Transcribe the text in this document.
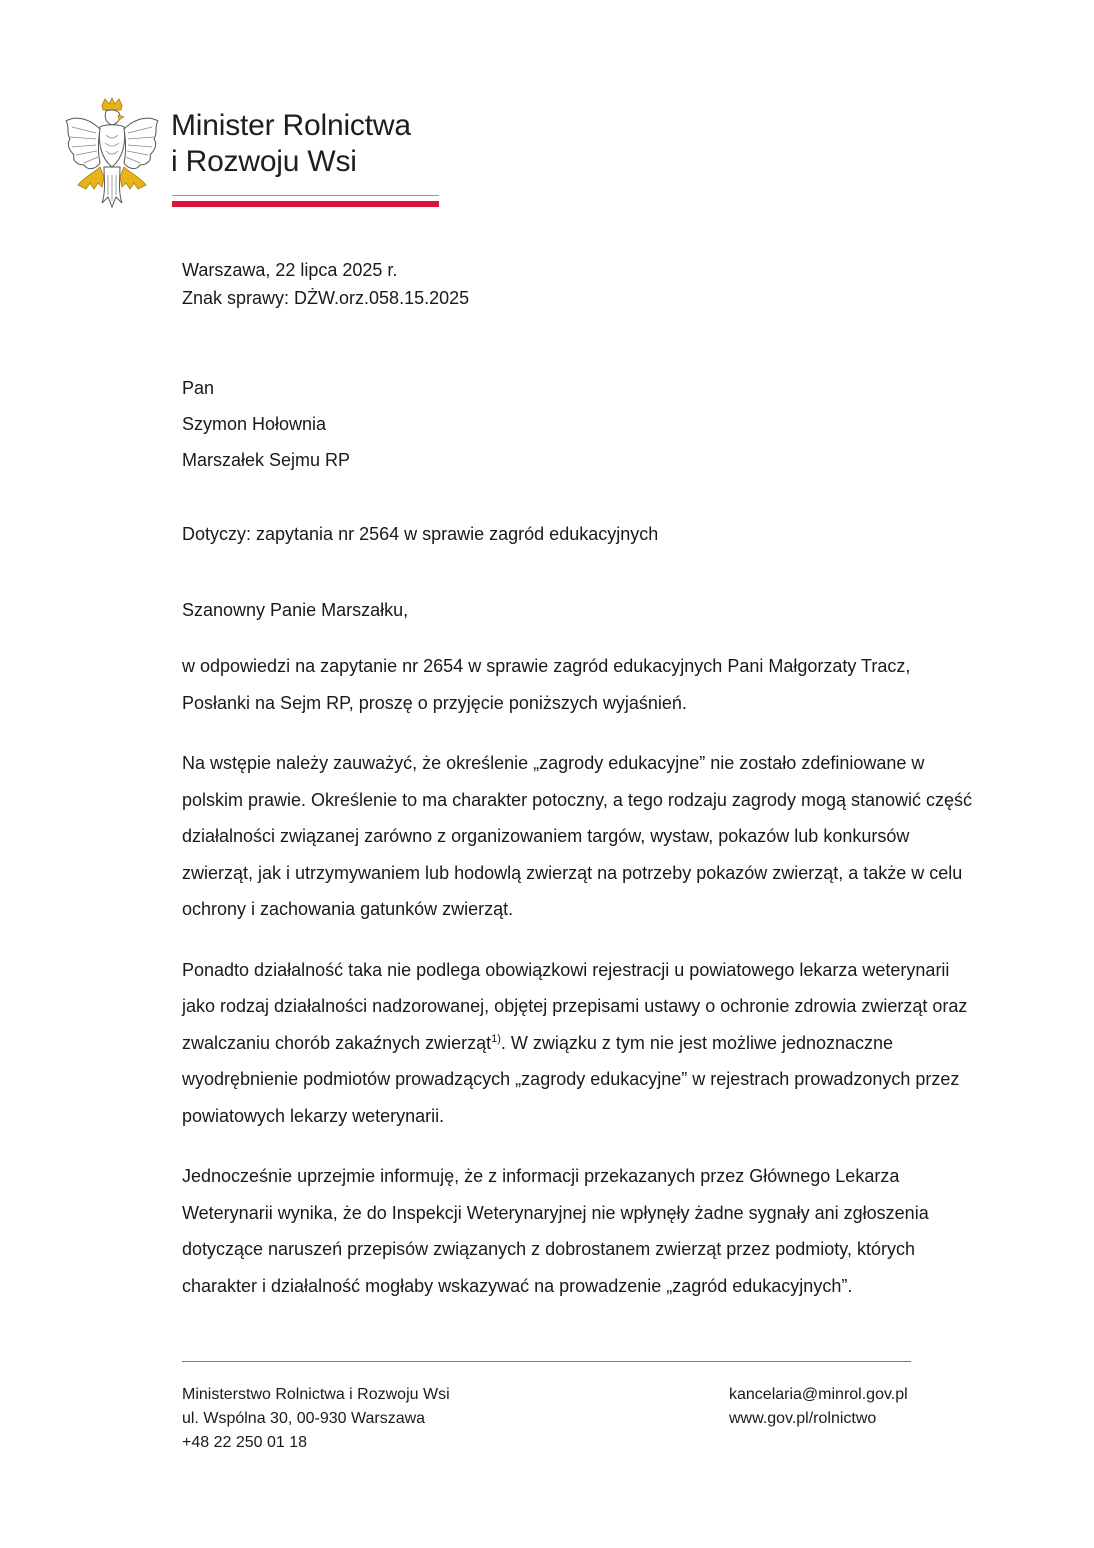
Minister Rolnictwa
i Rozwoju Wsi
Warszawa, 22 lipca 2025 r.
Znak sprawy: DŻW.orz.058.15.2025
Pan
Szymon Hołownia
Marszałek Sejmu RP
Dotyczy: zapytania nr 2564 w sprawie zagród edukacyjnych
Szanowny Panie Marszałku,

w odpowiedzi na zapytanie nr 2654 w sprawie zagród edukacyjnych Pani Małgorzaty Tracz, Posłanki na Sejm RP, proszę o przyjęcie poniższych wyjaśnień.

Na wstępie należy zauważyć, że określenie „zagrody edukacyjne” nie zostało zdefiniowane w polskim prawie. Określenie to ma charakter potoczny, a tego rodzaju zagrody mogą stanowić część działalności związanej zarówno z organizowaniem targów, wystaw, pokazów lub konkursów zwierząt, jak i utrzymywaniem lub hodowlą zwierząt na potrzeby pokazów zwierząt, a także w celu ochrony i zachowania gatunków zwierząt.

Ponadto działalność taka nie podlega obowiązkowi rejestracji u powiatowego lekarza weterynarii jako rodzaj działalności nadzorowanej, objętej przepisami ustawy o ochronie zdrowia zwierząt oraz zwalczaniu chorób zakaźnych zwierząt$^{1)}$. W związku z tym nie jest możliwe jednoznaczne wyodrębnienie podmiotów prowadzących „zagrody edukacyjne” w rejestrach prowadzonych przez powiatowych lekarzy weterynarii.

Jednocześnie uprzejmie informuję, że z informacji przekazanych przez Głównego Lekarza Weterynarii wynika, że do Inspekcji Weterynaryjnej nie wpłynęły żadne sygnały ani zgłoszenia dotyczące naruszeń przepisów związanych z dobrostanem zwierząt przez podmioty, których charakter i działalność mogłaby wskazywać na prowadzenie „zagród edukacyjnych”.

Ministerstwo Rolnictwa i Rozwoju Wsi
ul. Wspólna 30, 00-930 Warszawa
+48 22 250 01 18
kancelaria@minrol.gov.pl
www.gov.pl/rolnictwo
